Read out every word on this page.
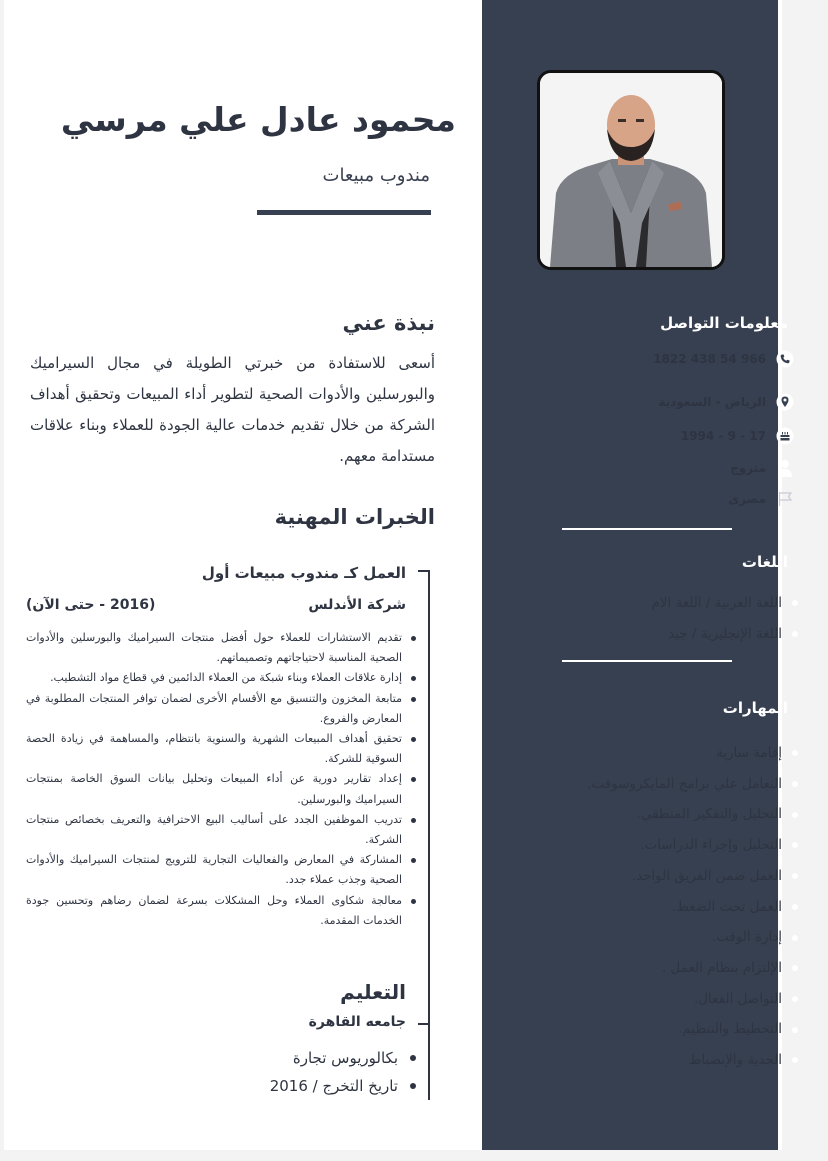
معلومات التواصل
966 54 438 1822
الرياض - السعودية
17 - 9 - 1994
متزوج
مصرى
اللغات
اللغة العربية / اللغة الام
اللغة الإنجليزية / جيد
المهارات
إقامة سارية
التعامل علي برامج المايكروسوفت.
التحليل والتفكير المنطقي.
التحليل وإجراء الدراسات.
العمل ضمن الفريق الواحد.
العمل تحت الضغط.
إدارة الوقت.
الإلتزام بنظام العمل .
التواصل الفعال.
التخطيط والتنظيم.
الجدية والإنضباط
محمود عادل علي مرسي
مندوب مبيعات
نبذة عني

أسعى للاستفادة من خبرتي الطويلة في مجال السيراميك والبورسلين والأدوات الصحية لتطوير أداء المبيعات وتحقيق أهداف الشركة من خلال تقديم خدمات عالية الجودة للعملاء وبناء علاقات مستدامة معهم.

الخبرات المهنية
العمل كـ مندوب مبيعات أول
شركة الأندلس
(2016 - حتى الآن)
تقديم الاستشارات للعملاء حول أفضل منتجات السيراميك والبورسلين والأدوات الصحية المناسبة لاحتياجاتهم وتصميماتهم.
إدارة علاقات العملاء وبناء شبكة من العملاء الدائمين في قطاع مواد التشطيب.
متابعة المخزون والتنسيق مع الأقسام الأخرى لضمان توافر المنتجات المطلوبة في المعارض والفروع.
تحقيق أهداف المبيعات الشهرية والسنوية بانتظام، والمساهمة في زيادة الحصة السوقية للشركة.
إعداد تقارير دورية عن أداء المبيعات وتحليل بيانات السوق الخاصة بمنتجات السيراميك والبورسلين.
تدريب الموظفين الجدد على أساليب البيع الاحترافية والتعريف بخصائص منتجات الشركة.
المشاركة في المعارض والفعاليات التجارية للترويج لمنتجات السيراميك والأدوات الصحية وجذب عملاء جدد.
معالجة شكاوى العملاء وحل المشكلات بسرعة لضمان رضاهم وتحسين جودة الخدمات المقدمة.
التعليم
جامعه القاهرة
بكالوريوس تجارة
تاريخ التخرج / 2016
